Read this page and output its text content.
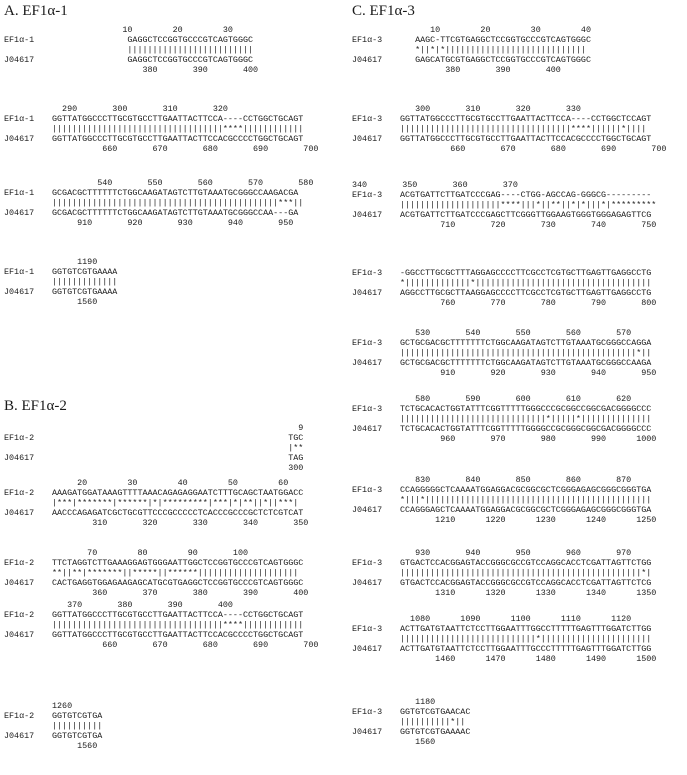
A. EF1α-1
B. EF1α-2
C. EF1α-3
10        20        30
EF1α-1	GAGGCTCCGGTGCCCGTCAGTGGGC
|||||||||||||||||||||||||
J04617	GAGGCTCCGGTGCCCGTCAGTGGGC
380       390       400
290       300       310       320
EF1α-1	GGTTATGGCCCTTGCGTGCCTTGAATTACTTCCA----CCTGGCTGCAGT
||||||||||||||||||||||||||||||||||****||||||||||||
J04617	GGTTATGGCCCTTGCGTGCCTTGAATTACTTCCACGCCCCTGGCTGCAGT
660       670       680       690       700
540       550       560       570       580
EF1α-1	GCGACGCTTTTTTCTGGCAAGATAGTCTTGTAAATGCGGGCCAAGACGA
|||||||||||||||||||||||||||||||||||||||||||||***||
J04617	GCGACGCTTTTTTCTGGCAAGATAGTCTTGTAAATGCGGGCCAA---GA
910       920       930       940       950
1190
EF1α-1	GGTGTCGTGAAAA
|||||||||||||
J04617	GGTGTCGTGAAAA
1560
9
EF1α-2	TGC
|**
J04617	TAG
300
20        30        40        50        60
EF1α-2	AAAGATGGATAAAGTTTTAAACAGAGAGGAATCTTTGCAGCTAATGGACC
|***|*******|******|*|*********|***|*|**||*||***|
J04617	AACCCAGAGATCGCTGCGTTCCCGCCCCCTCACCCGCCCGCTCTCGTCAT
310       320       330       340       350
70        80        90       100
EF1α-2	TTCTAGGTCTTGAAAGGAGTGGGAATTGGCTCCGGTGCCCGTCAGTGGGC
**||**|*******||*****||******||||||||||||||||||||
J04617	CACTGAGGTGGAGAAGAGCATGCGTGAGGCTCCGGTGCCCGTCAGTGGGC
360       370       380       390       400
370       380       390       400
EF1α-2	GGTTATGGCCCTTGCGTGCCTTGAATTACTTCCA----CCTGGCTGCAGT
||||||||||||||||||||||||||||||||||****||||||||||||
J04617	GGTTATGGCCCTTGCGTGCCTTGAATTACTTCCACGCCCCTGGCTGCAGT
660       670       680       690       700
1260
EF1α-2	GGTGTCGTGA
||||||||||
J04617	GGTGTCGTGA
1560
10        20        30        40
EF1α-3	AAGC-TTCGTGAGGCTCCGGTGCCCGTCAGTGGGC
*||*|*||||||||||||||||||||||||||||
J04617	GAGCATGCGTGAGGCTCCGGTGCCCGTCAGTGGGC
380       390       400
300       310       320       330
EF1α-3	GGTTATGGCCCTTGCGTGCCTTGAATTACTTCCA----CCTGGCTCCAGT
||||||||||||||||||||||||||||||||||****||||||*||||
J04617	GGTTATGGCCCTTGCGTGCCTTGAATTACTTCCACGCCCCTGGCTGCAGT
660       670       680       690       700
340       350       360       370
EF1α-3	ACGTGATTCTTGATCCCGAG----CTGG-AGCCAG-GGGCG---------
||||||||||||||||||||****|||*||**||*|*|||*|*********
J04617	ACGTGATTCTTGATCCCGAGCTTCGGGTTGGAAGTGGGTGGGAGAGTTCG
710       720       730       740       750
EF1α-3	-GGCCTTGCGCTTTAGGAGCCCCTTCGCCTCGTGCTTGAGTTGAGGCCTG
*|||||||||||||*|||||||||||||||||||||||||||||||||||
J04617	AGGCCTTGCGCTTAAGGAGCCCCTTCGCCTCGTGCTTGAGTTGAGGCCTG
760       770       780       790       800
530       540       550       560       570
EF1α-3	GCTGCGACGCTTTTTTTCTGGCAAGATAGTCTTGTAAATGCGGGCCAGGA
|||||||||||||||||||||||||||||||||||||||||||||||*||
J04617	GCTGCGACGCTTTTTTTCTGGCAAGATAGTCTTGTAAATGCGGGCCAAGA
910       920       930       940       950
580       590       600       610       620
EF1α-3	TCTGCACACTGGTATTTCGGTTTTTGGGCCCGCGGCCGGCGACGGGGCCC
|||||||||||||||||||||||||||||*|||||*||||||||||||||
J04617	TCTGCACACTGGTATTTCGGTTTTTGGGGCCGCGGGCGGCGACGGGGCCC
960       970       980       990      1000
830       840       850       860       870
EF1α-3	CCAGGGGGCTCAAAATGGAGGACGCGGCGCTCGGGAGAGCGGGCGGGTGA
*|||*|||||||||||||||||||||||||||||||||||||||||||||
J04617	CCAGGGAGCTCAAAATGGAGGACGCGGCGCTCGGGAGAGCGGGCGGGTGA
1210      1220      1230      1240      1250
930       940       950       960       970
EF1α-3	GTGACTCCACGGAGTACCGGGCGCCGTCCAGGCACCTCGATTAGTTCTGG
||||||||||||||||||||||||||||||||||||||||||||||||*|
J04617	GTGACTCCACGGAGTACCGGGCGCCGTCCAGGCACCTCGATTAGTTCTCG
1310      1320      1330      1340      1350
1080      1090      1100      1110      1120
EF1α-3	ACTTGATGTAATTCTCCTTGGAATTTGGCCTTTTTGAGTTTGGATCTTGG
|||||||||||||||||||||||||||*||||||||||||||||||||||
J04617	ACTTGATGTAATTCTCCTTGGAATTTGCCCTTTTTGAGTTTGGATCTTGG
1460      1470      1480      1490      1500
1180
EF1α-3	GGTGTCGTGAACAC
||||||||||*||
J04617	GGTGTCGTGAAAAC
1560
